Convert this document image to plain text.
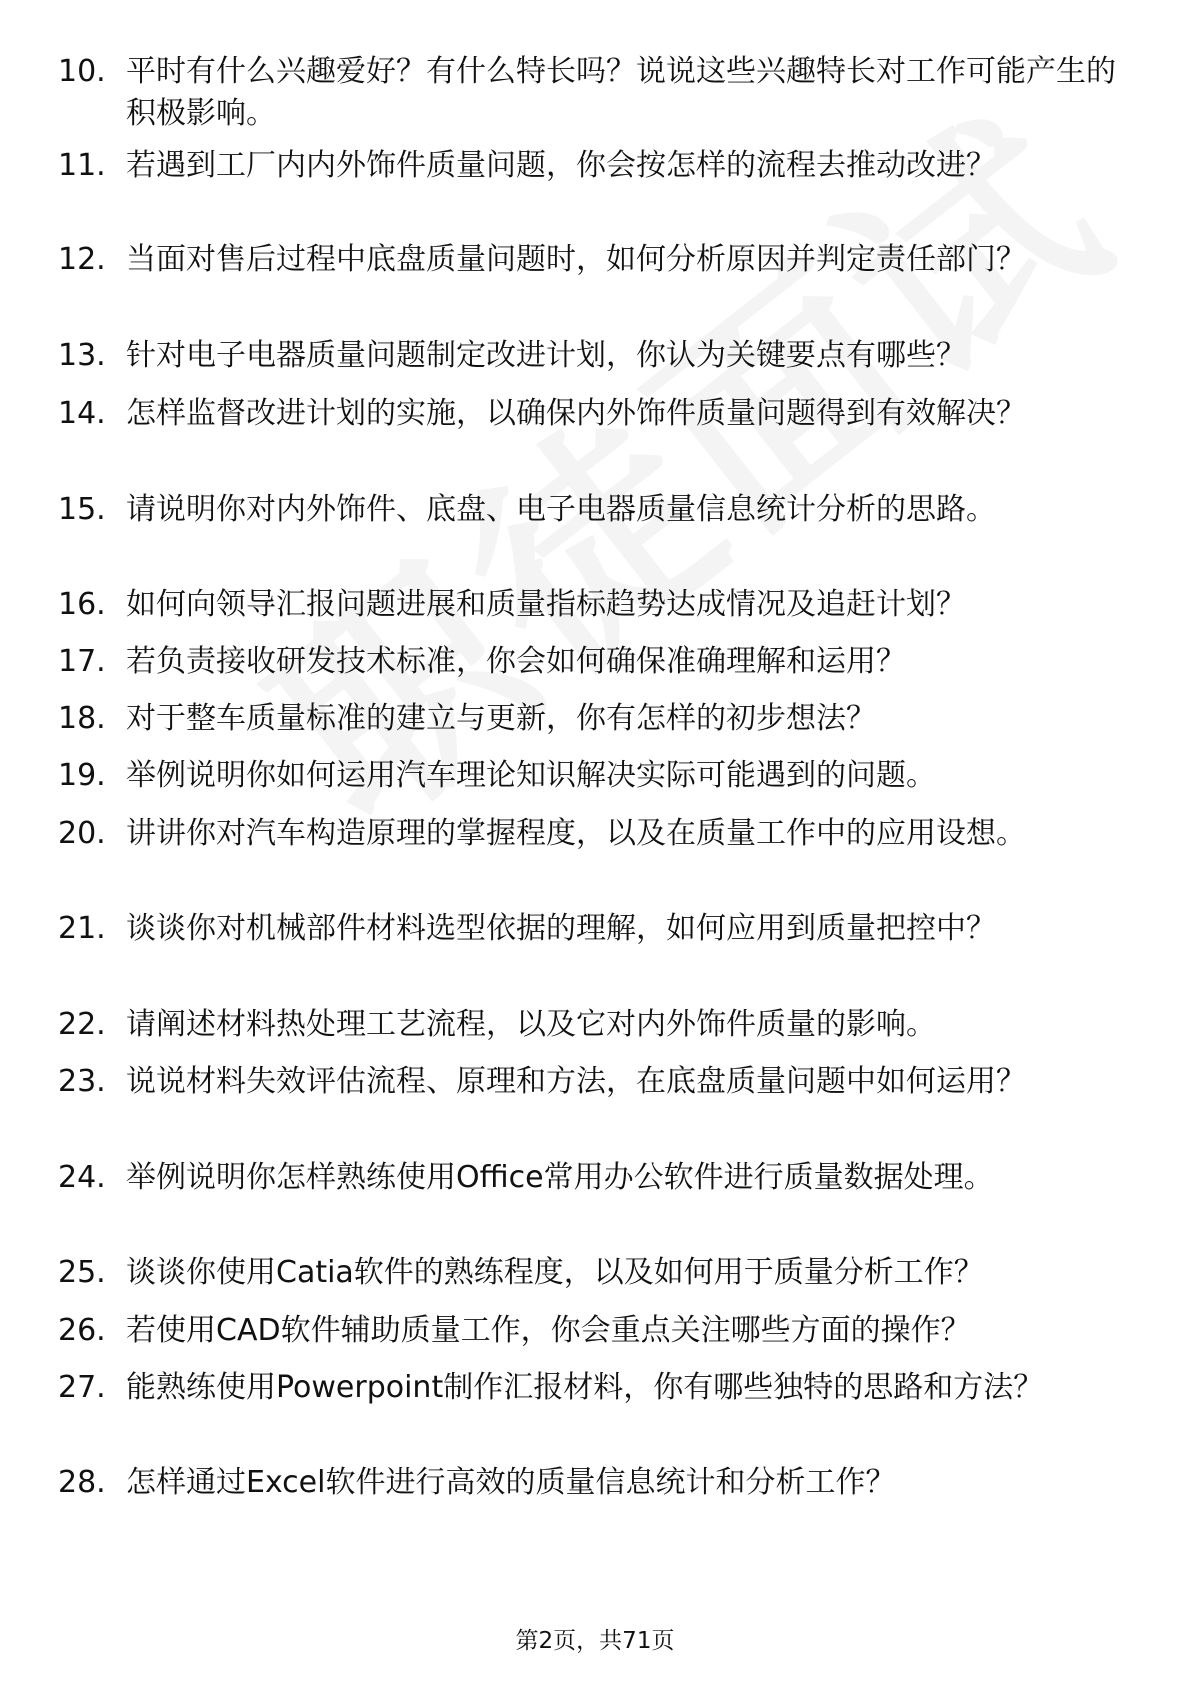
10. 平时有什么兴趣爱好？有什么特长吗？说说这些兴趣特长对工作可能产生的积极影响。
11. 若遇到工厂内内外饰件质量问题，你会按怎样的流程去推动改进？
12. 当面对售后过程中底盘质量问题时，如何分析原因并判定责任部门？
13. 针对电子电器质量问题制定改进计划，你认为关键要点有哪些？
14. 怎样监督改进计划的实施，以确保内外饰件质量问题得到有效解决？
15. 请说明你对内外饰件、底盘、电子电器质量信息统计分析的思路。
16. 如何向领导汇报问题进展和质量指标趋势达成情况及追赶计划？
17. 若负责接收研发技术标准，你会如何确保准确理解和运用？
18. 对于整车质量标准的建立与更新，你有怎样的初步想法？
19. 举例说明你如何运用汽车理论知识解决实际可能遇到的问题。
20. 讲讲你对汽车构造原理的掌握程度，以及在质量工作中的应用设想。
21. 谈谈你对机械部件材料选型依据的理解，如何应用到质量把控中？
22. 请阐述材料热处理工艺流程，以及它对内外饰件质量的影响。
23. 说说材料失效评估流程、原理和方法，在底盘质量问题中如何运用？
24. 举例说明你怎样熟练使用Office常用办公软件进行质量数据处理。
25. 谈谈你使用Catia软件的熟练程度，以及如何用于质量分析工作？
26. 若使用CAD软件辅助质量工作，你会重点关注哪些方面的操作？
27. 能熟练使用Powerpoint制作汇报材料，你有哪些独特的思路和方法？
28. 怎样通过Excel软件进行高效的质量信息统计和分析工作？
第2页，共71页
